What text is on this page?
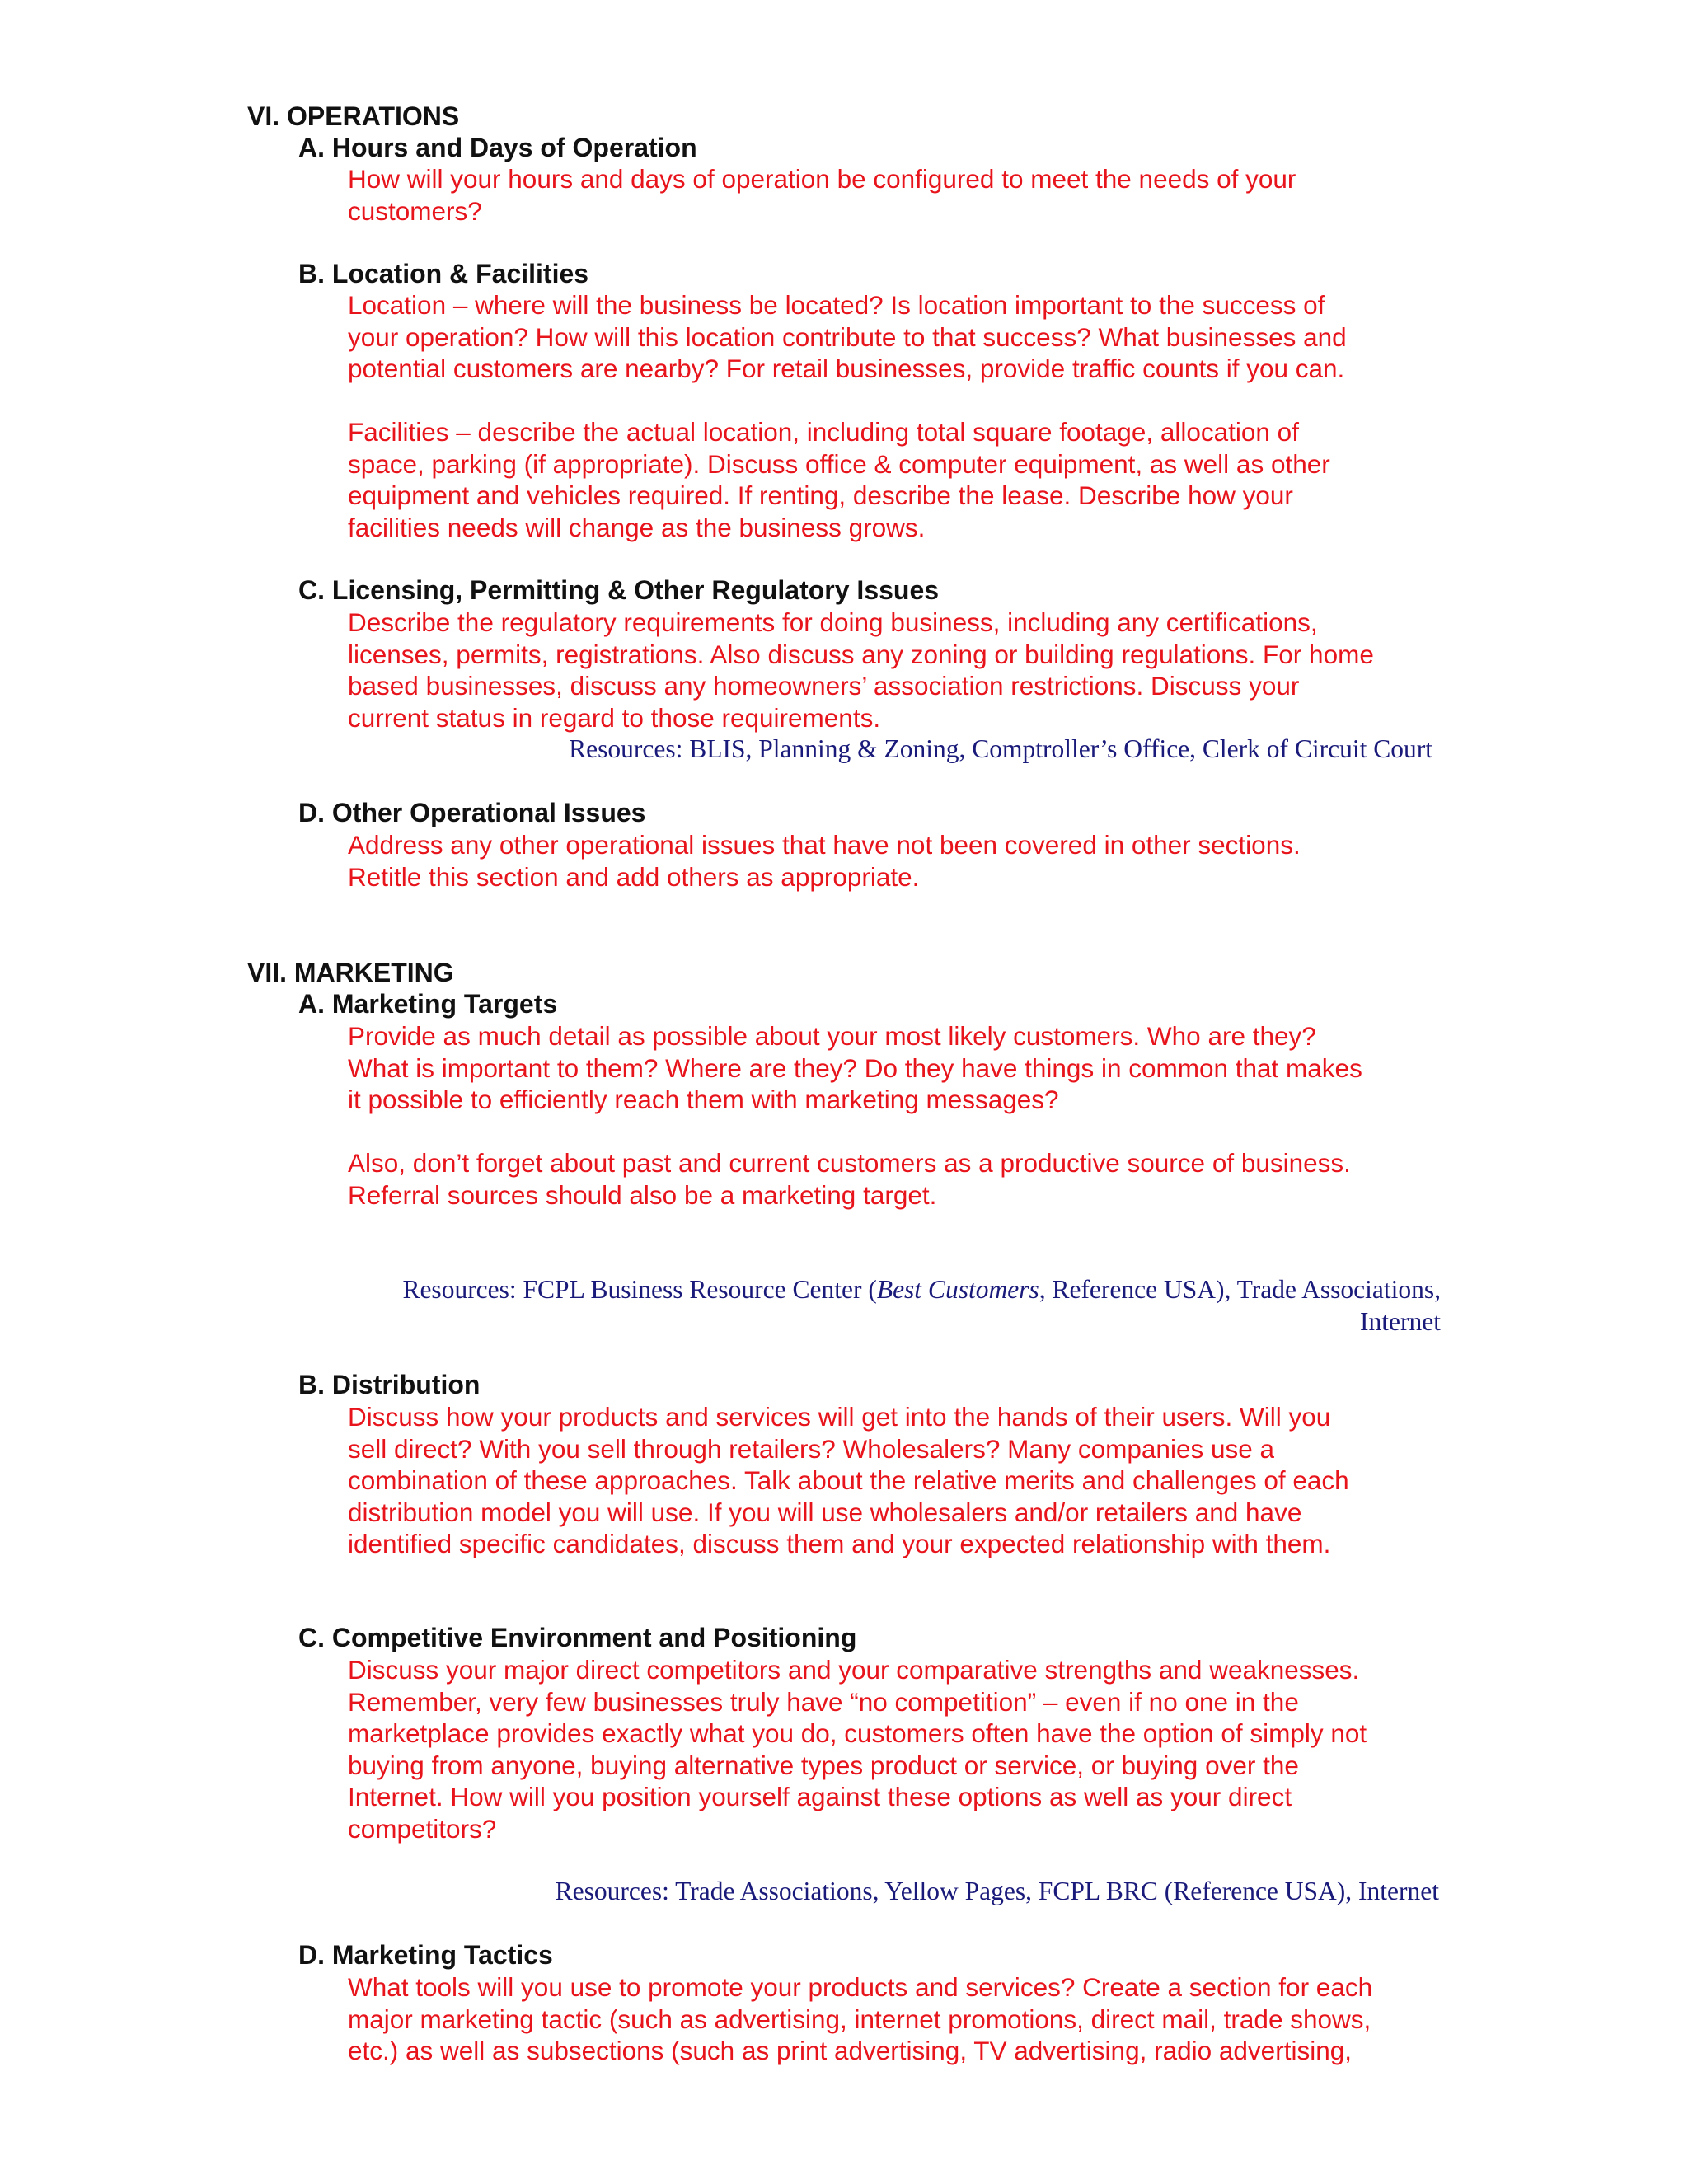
VI. OPERATIONS
A. Hours and Days of Operation

How will your hours and days of operation be configured to meet the needs of your
customers?

B. Location & Facilities

Location – where will the business be located? Is location important to the success of
your operation? How will this location contribute to that success? What businesses and
potential customers are nearby? For retail businesses, provide traffic counts if you can.

Facilities – describe the actual location, including total square footage, allocation of
space, parking (if appropriate). Discuss office & computer equipment, as well as other
equipment and vehicles required. If renting, describe the lease. Describe how your
facilities needs will change as the business grows.

C. Licensing, Permitting & Other Regulatory Issues

Describe the regulatory requirements for doing business, including any certifications,
licenses, permits, registrations. Also discuss any zoning or building regulations. For home
based businesses, discuss any homeowners’ association restrictions. Discuss your
current status in regard to those requirements.

Resources: BLIS, Planning & Zoning, Comptroller’s Office, Clerk of Circuit Court

D. Other Operational Issues

Address any other operational issues that have not been covered in other sections.
Retitle this section and add others as appropriate.

VII. MARKETING
A. Marketing Targets

Provide as much detail as possible about your most likely customers. Who are they?
What is important to them? Where are they? Do they have things in common that makes
it possible to efficiently reach them with marketing messages?

Also, don’t forget about past and current customers as a productive source of business.
Referral sources should also be a marketing target.

Resources: FCPL Business Resource Center (Best Customers, Reference USA), Trade Associations,
Internet

B. Distribution

Discuss how your products and services will get into the hands of their users. Will you
sell direct? With you sell through retailers? Wholesalers? Many companies use a
combination of these approaches. Talk about the relative merits and challenges of each
distribution model you will use. If you will use wholesalers and/or retailers and have
identified specific candidates, discuss them and your expected relationship with them.

C. Competitive Environment and Positioning

Discuss your major direct competitors and your comparative strengths and weaknesses.
Remember, very few businesses truly have “no competition” – even if no one in the
marketplace provides exactly what you do, customers often have the option of simply not
buying from anyone, buying alternative types product or service, or buying over the
Internet. How will you position yourself against these options as well as your direct
competitors?

Resources: Trade Associations, Yellow Pages, FCPL BRC (Reference USA), Internet

D. Marketing Tactics

What tools will you use to promote your products and services? Create a section for each
major marketing tactic (such as advertising, internet promotions, direct mail, trade shows,
etc.) as well as subsections (such as print advertising, TV advertising, radio advertising,
